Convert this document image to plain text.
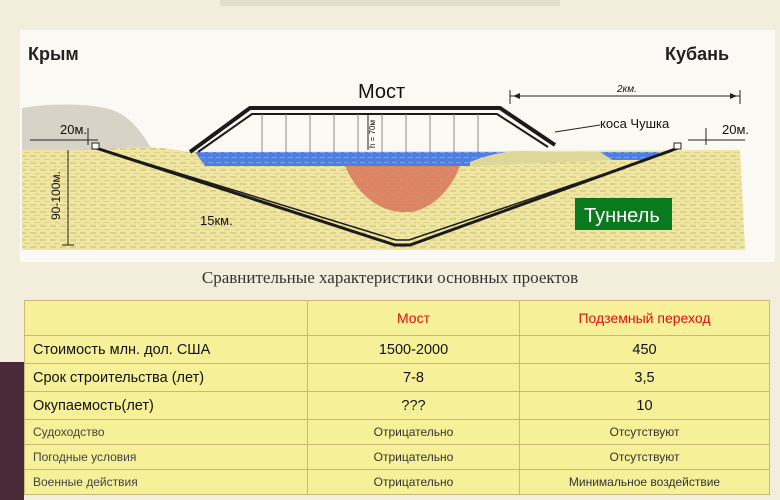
Крым	Кубань
Мост
коса Чушка
20м.	20м.
2км.
15км.
90-100м.
h = 70м
Туннель
Сравнительные характеристики основных проектов
	Мост	Подземный переход
Стоимость млн. дол. США	1500-2000	450
Срок строительства (лет)	7-8	3,5
Окупаемость(лет)	???	10
Судоходство	Отрицательно	Отсутствуют
Погодные условия	Отрицательно	Отсутствуют
Военные действия	Отрицательно	Минимальное воздействие
